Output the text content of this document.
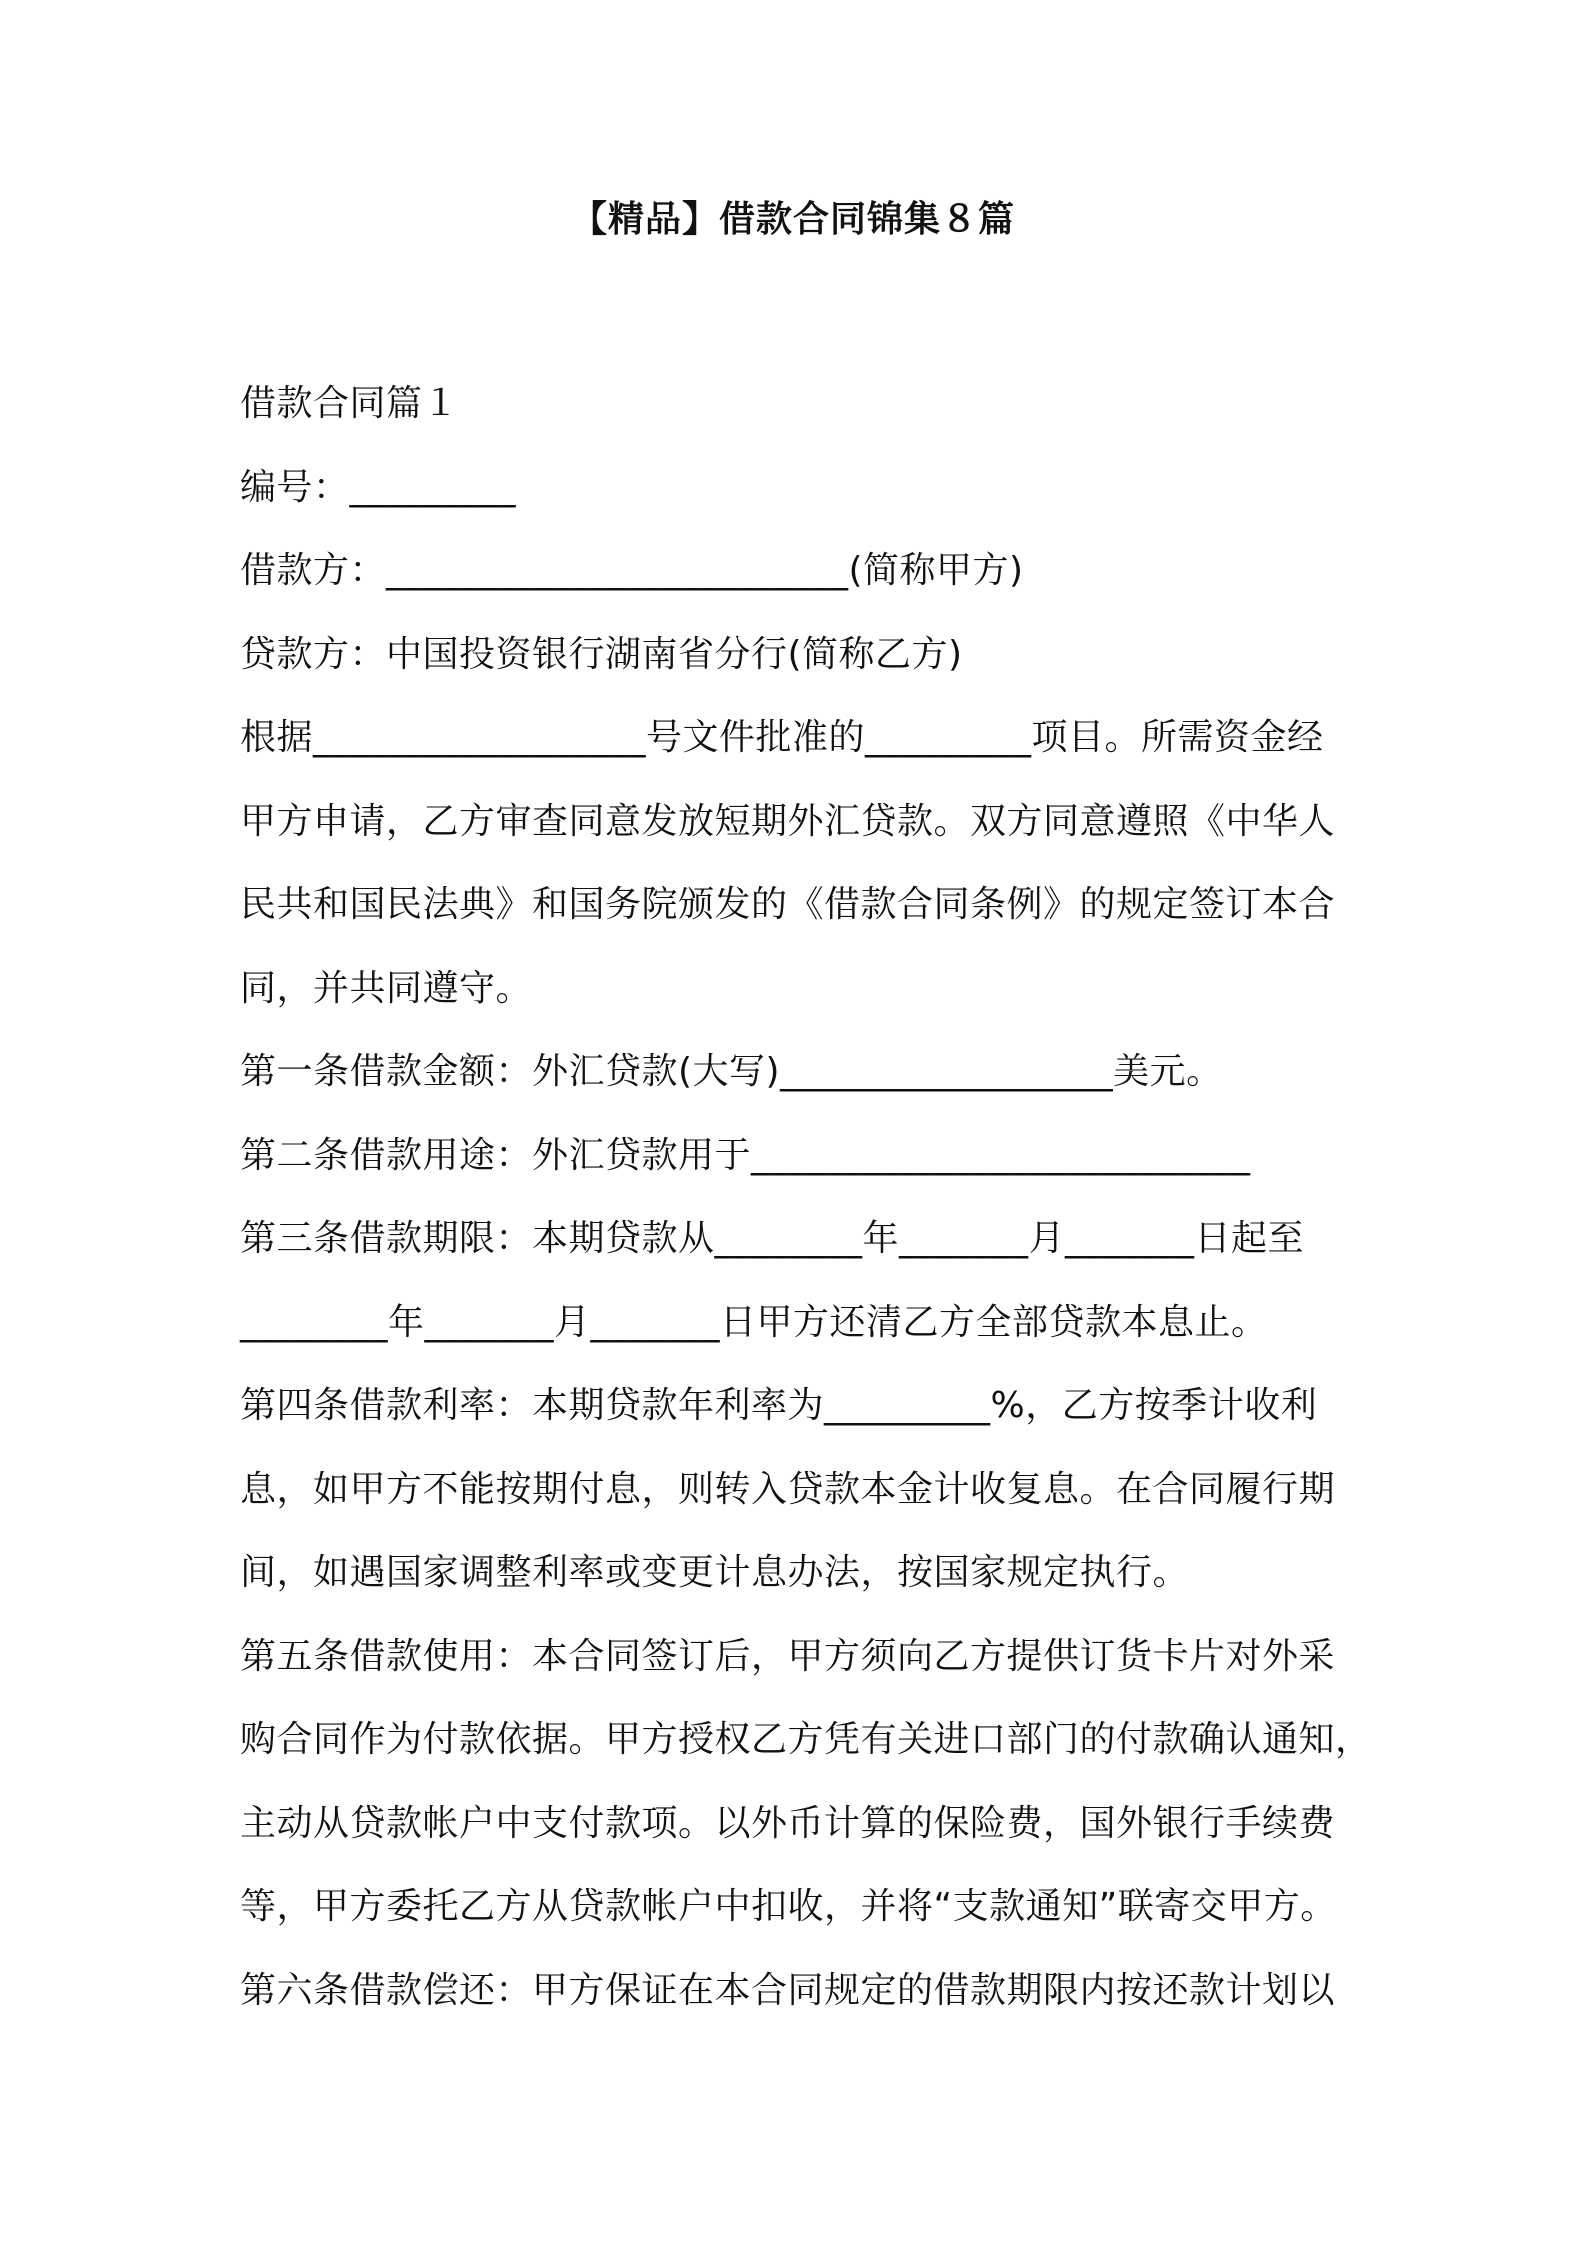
【精品】借款合同锦集８篇
借款合同篇１
编号：_________
借款方：_________________________(简称甲方)
贷款方：中国投资银行湖南省分行(简称乙方)
根据__________________号文件批准的_________项目。所需资金经
甲方申请，乙方审查同意发放短期外汇贷款。双方同意遵照《中华人
民共和国民法典》和国务院颁发的《借款合同条例》的规定签订本合
同，并共同遵守。
第一条借款金额：外汇贷款(大写)__________________美元。
第二条借款用途：外汇贷款用于___________________________
第三条借款期限：本期贷款从________年_______月_______日起至
________年_______月_______日甲方还清乙方全部贷款本息止。
第四条借款利率：本期贷款年利率为_________%，乙方按季计收利
息，如甲方不能按期付息，则转入贷款本金计收复息。在合同履行期
间，如遇国家调整利率或变更计息办法，按国家规定执行。
第五条借款使用：本合同签订后，甲方须向乙方提供订货卡片对外采
购合同作为付款依据。甲方授权乙方凭有关进口部门的付款确认通知，
主动从贷款帐户中支付款项。以外币计算的保险费，国外银行手续费
等，甲方委托乙方从贷款帐户中扣收，并将“支款通知”联寄交甲方。
第六条借款偿还：甲方保证在本合同规定的借款期限内按还款计划以
